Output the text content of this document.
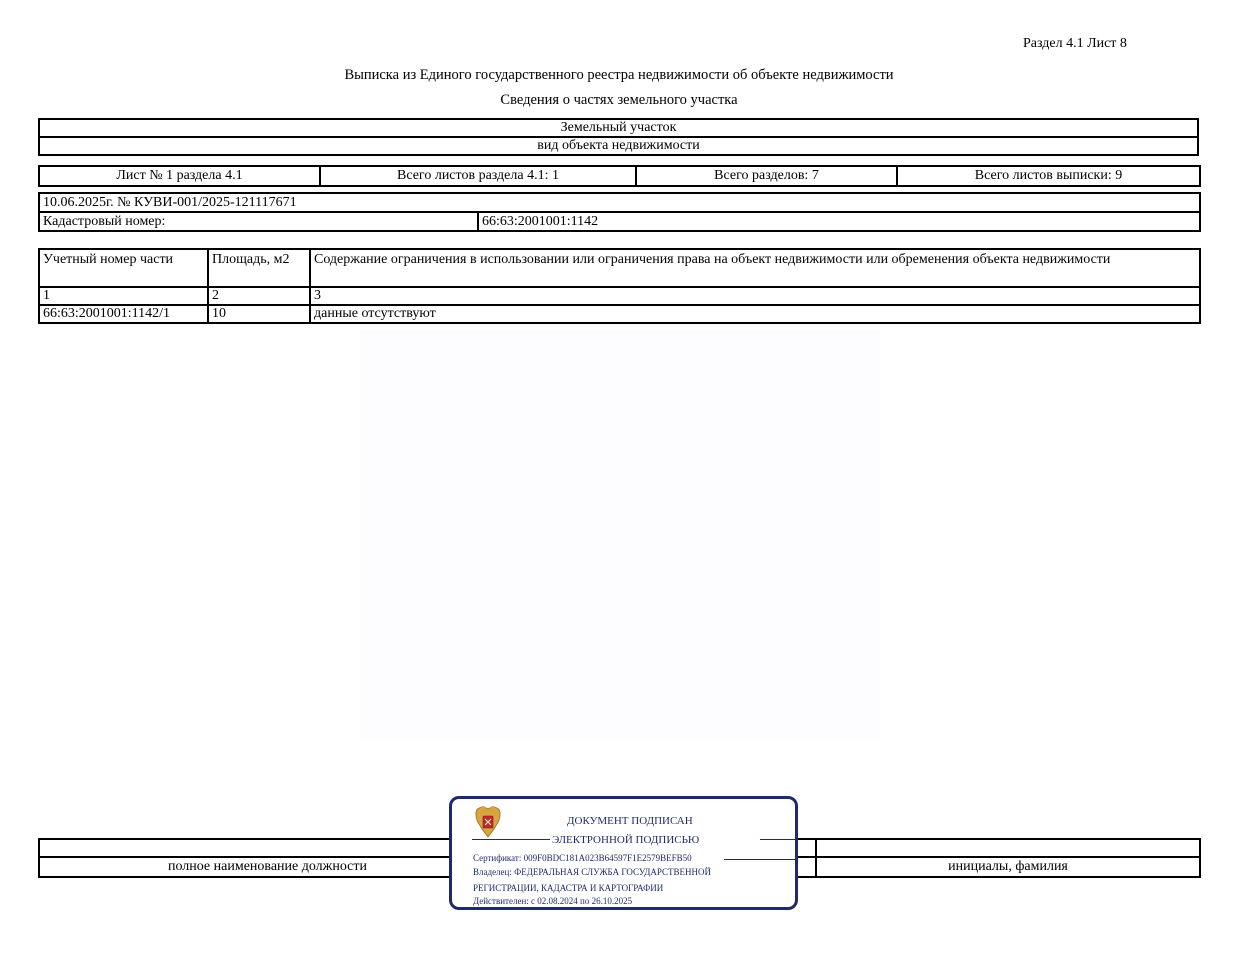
Раздел 4.1 Лист 8
Выписка из Единого государственного реестра недвижимости об объекте недвижимости
Сведения о частях земельного участка
Земельный участок
вид объекта недвижимости
Лист № 1 раздела 4.1	Всего листов раздела 4.1: 1	Всего разделов: 7	Всего листов выписки: 9
10.06.2025г. № КУВИ-001/2025-121117671
Кадастровый номер:	66:63:2001001:1142
Учетный номер части	Площадь, м2	Содержание ограничения в использовании или ограничения права на объект недвижимости или обременения объекта недвижимости
1	2	3
66:63:2001001:1142/1	10	данные отсутствуют

полное наименование должности		инициалы, фамилия
ДОКУМЕНТ ПОДПИСАН
ЭЛЕКТРОННОЙ ПОДПИСЬЮ
Сертификат: 009F0BDC181A023B64597F1E2579BEFB50
Владелец: ФЕДЕРАЛЬНАЯ СЛУЖБА ГОСУДАРСТВЕННОЙ
РЕГИСТРАЦИИ, КАДАСТРА И КАРТОГРАФИИ
Действителен: с 02.08.2024 по 26.10.2025
